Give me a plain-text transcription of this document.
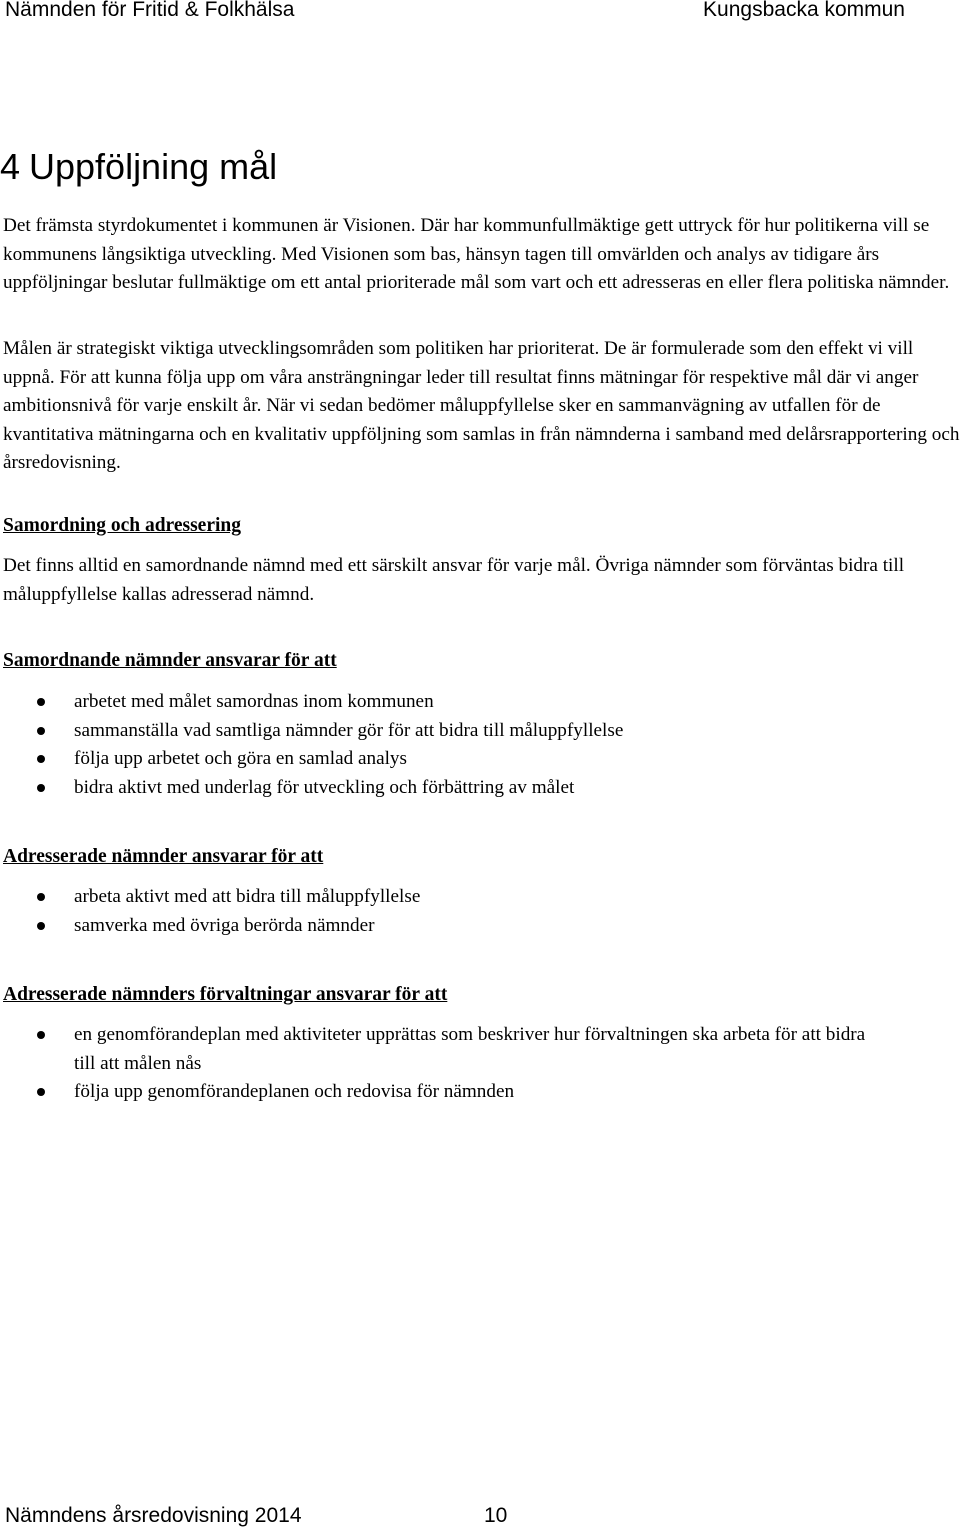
Nämnden för Fritid & Folkhälsa	Kungsbacka kommun
4 Uppföljning mål

Det främsta styrdokumentet i kommunen är Visionen. Där har kommunfullmäktige gett uttryck för hur politikerna vill se kommunens långsiktiga utveckling. Med Visionen som bas, hänsyn tagen till omvärlden och analys av tidigare års uppföljningar beslutar fullmäktige om ett antal prioriterade mål som vart och ett adresseras en eller flera politiska nämnder.

Målen är strategiskt viktiga utvecklingsområden som politiken har prioriterat. De är formulerade som den effekt vi vill uppnå. För att kunna följa upp om våra ansträngningar leder till resultat finns mätningar för respektive mål där vi anger ambitionsnivå för varje enskilt år. När vi sedan bedömer måluppfyllelse sker en sammanvägning av utfallen för de kvantitativa mätningarna och en kvalitativ uppföljning som samlas in från nämnderna i samband med delårsrapportering och årsredovisning.

Samordning och adressering

Det finns alltid en samordnande nämnd med ett särskilt ansvar för varje mål. Övriga nämnder som förväntas bidra till måluppfyllelse kallas adresserad nämnd.

Samordnande nämnder ansvarar för att
arbetet med målet samordnas inom kommunen
sammanställa vad samtliga nämnder gör för att bidra till måluppfyllelse
följa upp arbetet och göra en samlad analys
bidra aktivt med underlag för utveckling och förbättring av målet
Adresserade nämnder ansvarar för att
arbeta aktivt med att bidra till måluppfyllelse
samverka med övriga berörda nämnder
Adresserade nämnders förvaltningar ansvarar för att
en genomförandeplan med aktiviteter upprättas som beskriver hur förvaltningen ska arbeta för att bidra till att målen nås
följa upp genomförandeplanen och redovisa för nämnden
Nämndens årsredovisning 2014	10
